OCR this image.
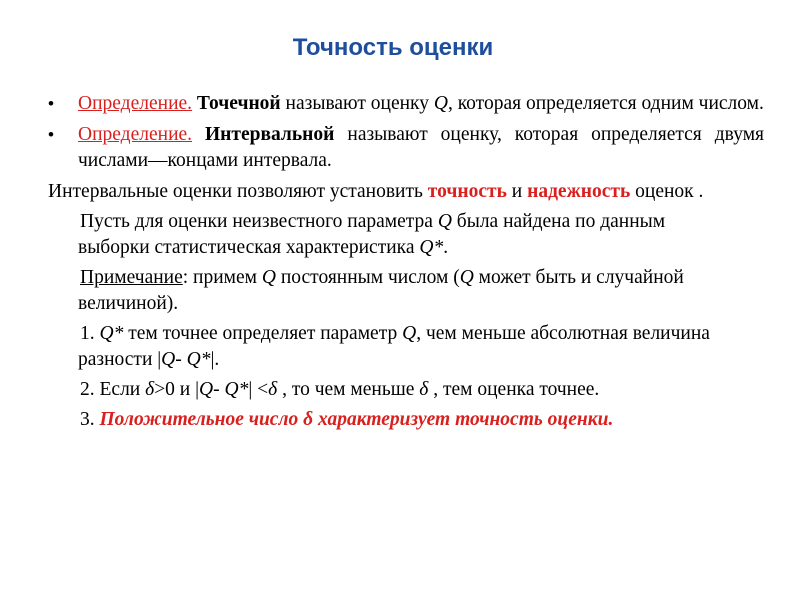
Точность оценки
• Определение. Точечной называют оценку Q, которая определяется одним числом.
• Определение. Интервальной называют оценку, которая определяется двумя числами—концами интервала.
Интервальные оценки позволяют установить точность и надежность оценок .
Пусть для оценки неизвестного параметра Q была найдена по данным выборки статистическая характеристика Q*.
Примечание: примем Q постоянным числом (Q может быть и случайной величиной).
1. Q* тем точнее определяет параметр Q, чем меньше абсолютная величина разности |Q- Q*|.
2. Если δ>0 и |Q- Q*| <δ , то чем меньше δ , тем оценка точнее.
3. Положительное число δ характеризует точность оценки.
